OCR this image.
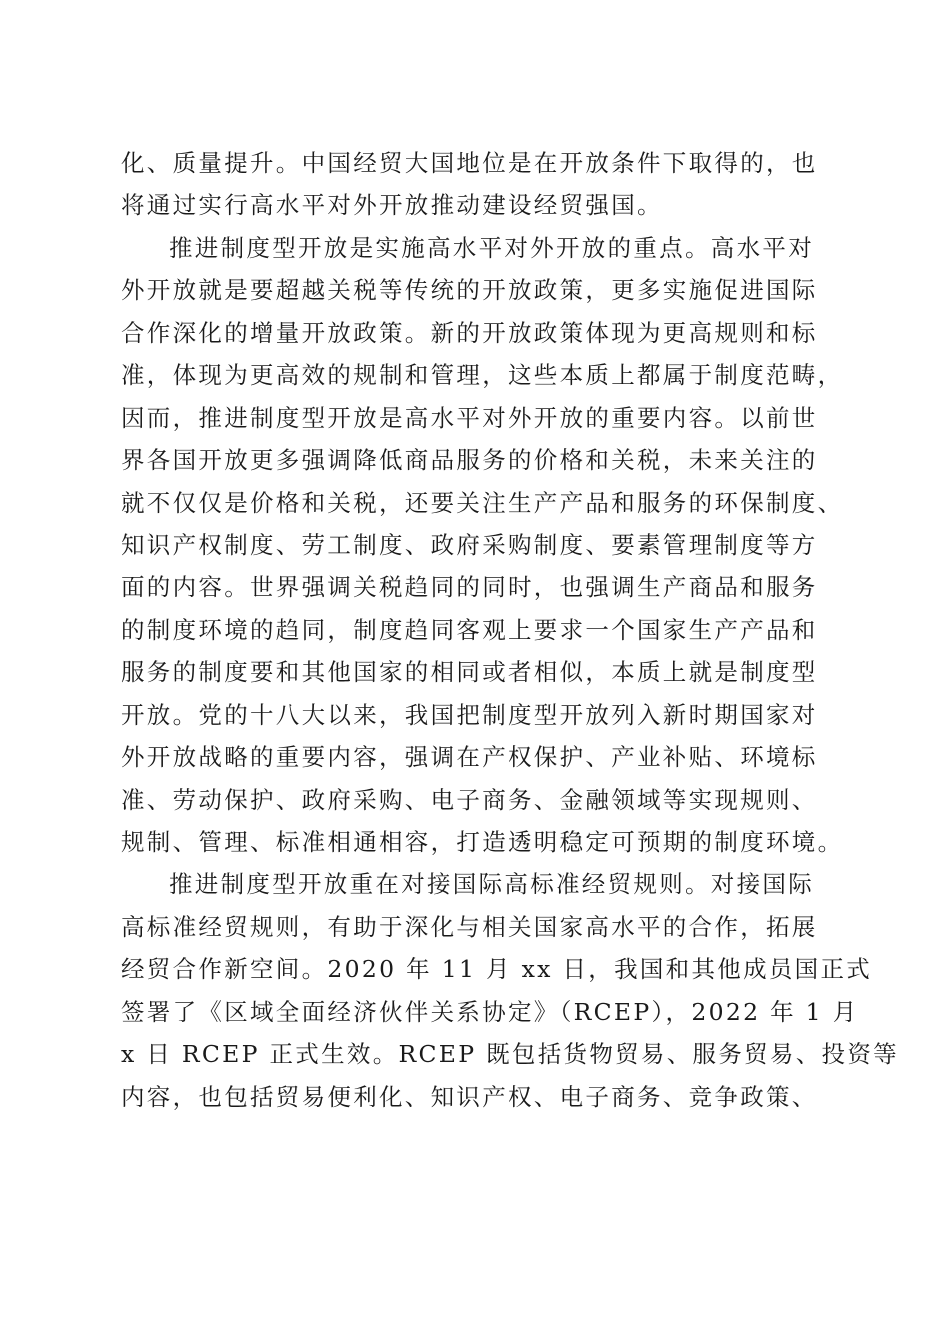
化、质量提升。中国经贸大国地位是在开放条件下取得的，也
将通过实行高水平对外开放推动建设经贸强国。
推进制度型开放是实施高水平对外开放的重点。高水平对
外开放就是要超越关税等传统的开放政策，更多实施促进国际
合作深化的增量开放政策。新的开放政策体现为更高规则和标
准，体现为更高效的规制和管理，这些本质上都属于制度范畴，
因而，推进制度型开放是高水平对外开放的重要内容。以前世
界各国开放更多强调降低商品服务的价格和关税，未来关注的
就不仅仅是价格和关税，还要关注生产产品和服务的环保制度、
知识产权制度、劳工制度、政府采购制度、要素管理制度等方
面的内容。世界强调关税趋同的同时，也强调生产商品和服务
的制度环境的趋同，制度趋同客观上要求一个国家生产产品和
服务的制度要和其他国家的相同或者相似，本质上就是制度型
开放。党的十八大以来，我国把制度型开放列入新时期国家对
外开放战略的重要内容，强调在产权保护、产业补贴、环境标
准、劳动保护、政府采购、电子商务、金融领域等实现规则、
规制、管理、标准相通相容，打造透明稳定可预期的制度环境。
推进制度型开放重在对接国际高标准经贸规则。对接国际
高标准经贸规则，有助于深化与相关国家高水平的合作，拓展
经贸合作新空间。2020 年 11 月 xx 日，我国和其他成员国正式
签署了《区域全面经济伙伴关系协定》（RCEP），2022 年 1 月
x 日 RCEP 正式生效。RCEP 既包括货物贸易、服务贸易、投资等
内容，也包括贸易便利化、知识产权、电子商务、竞争政策、
